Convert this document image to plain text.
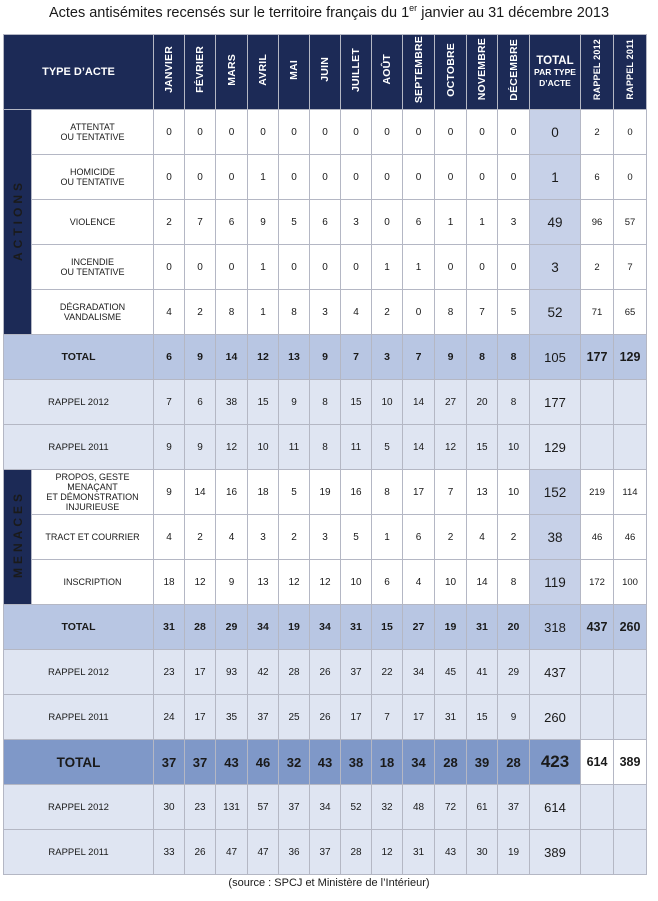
Actes antisémites recensés sur le territoire français du 1er janvier au 31 décembre 2013
TYPE D’ACTE		JANVIER	FÉVRIER	MARS	AVRIL	MAI	JUIN	JUILLET	AOÛT	SEPTEMBRE	OCTOBRE	NOVEMBRE	DÉCEMBRE	TOTAL
PAR TYPE D’ACTE	RAPPEL 2012	RAPPEL 2011
ACTIONS	ATTENTAT
OU TENTATIVE	0	0	0	0	0	0	0	0	0	0	0	0	0	2	0
	HOMICIDE
OU TENTATIVE	0	0	0	1	0	0	0	0	0	0	0	0	1	6	0
	VIOLENCE	2	7	6	9	5	6	3	0	6	1	1	3	49	96	57
	INCENDIE
OU TENTATIVE	0	0	0	1	0	0	0	1	1	0	0	0	3	2	7
	DÉGRADATION
VANDALISME	4	2	8	1	8	3	4	2	0	8	7	5	52	71	65
TOTAL		6	9	14	12	13	9	7	3	7	9	8	8	105	177	129
RAPPEL 2012		7	6	38	15	9	8	15	10	14	27	20	8	177		
RAPPEL 2011		9	9	12	10	11	8	11	5	14	12	15	10	129		
MENACES	PROPOS, GESTE MENAÇANT
ET DÉMONSTRATION
INJURIEUSE	9	14	16	18	5	19	16	8	17	7	13	10	152	219	114
	TRACT ET COURRIER	4	2	4	3	2	3	5	1	6	2	4	2	38	46	46
	INSCRIPTION	18	12	9	13	12	12	10	6	4	10	14	8	119	172	100
TOTAL		31	28	29	34	19	34	31	15	27	19	31	20	318	437	260
RAPPEL 2012		23	17	93	42	28	26	37	22	34	45	41	29	437		
RAPPEL 2011		24	17	35	37	25	26	17	7	17	31	15	9	260		
TOTAL		37	37	43	46	32	43	38	18	34	28	39	28	423	614	389
RAPPEL 2012		30	23	131	57	37	34	52	32	48	72	61	37	614		
RAPPEL 2011		33	26	47	47	36	37	28	12	31	43	30	19	389		
(source : SPCJ et Ministère de l’Intérieur)
